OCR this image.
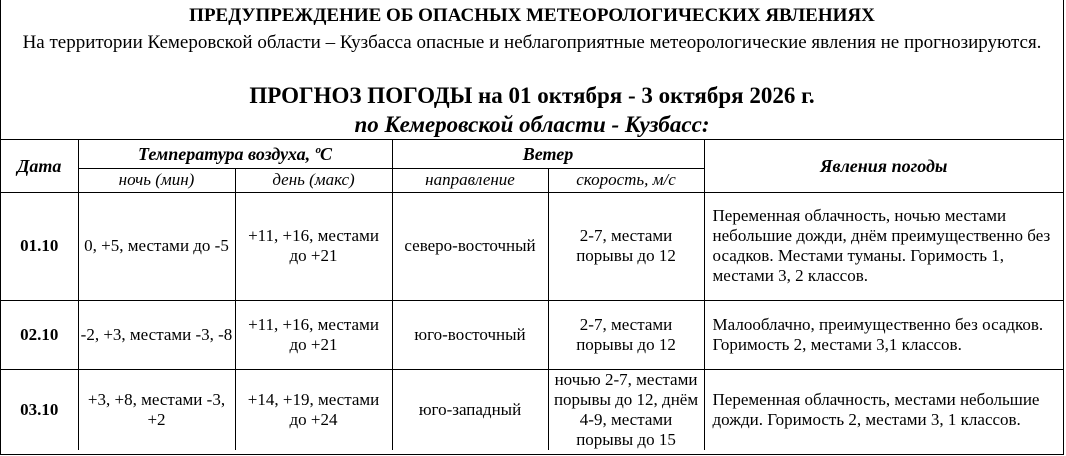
ПРЕДУПРЕЖДЕНИЕ ОБ ОПАСНЫХ МЕТЕОРОЛОГИЧЕСКИХ ЯВЛЕНИЯХ
На территории Кемеровской области – Кузбасса опасные и неблагоприятные метеорологические явления не прогнозируются.
ПРОГНОЗ ПОГОДЫ на 01 октября - 3 октября 2026 г.
по Кемеровской области - Кузбасс:
Дата	Температура воздуха, ºС		Ветер		Явления погоды
	ночь (мин)	день (макс)	направление	скорость, м/с	
01.10	0, +5, местами до -5	+11, +16, местами до +21	северо-восточный	2-7, местами порывы до 12	Переменная облачность, ночью местами небольшие дожди, днём преимущественно без осадков. Местами туманы. Горимость 1, местами 3, 2 классов.
02.10	-2, +3, местами -3, -8	+11, +16, местами до +21	юго-восточный	2-7, местами порывы до 12	Малооблачно, преимущественно без осадков. Горимость 2, местами 3,1 классов.
03.10	+3, +8, местами -3, +2	+14, +19, местами до +24	юго-западный	ночью 2-7, местами порывы до 12, днём 4-9, местами порывы до 15	Переменная облачность, местами небольшие дожди. Горимость 2, местами 3, 1 классов.
